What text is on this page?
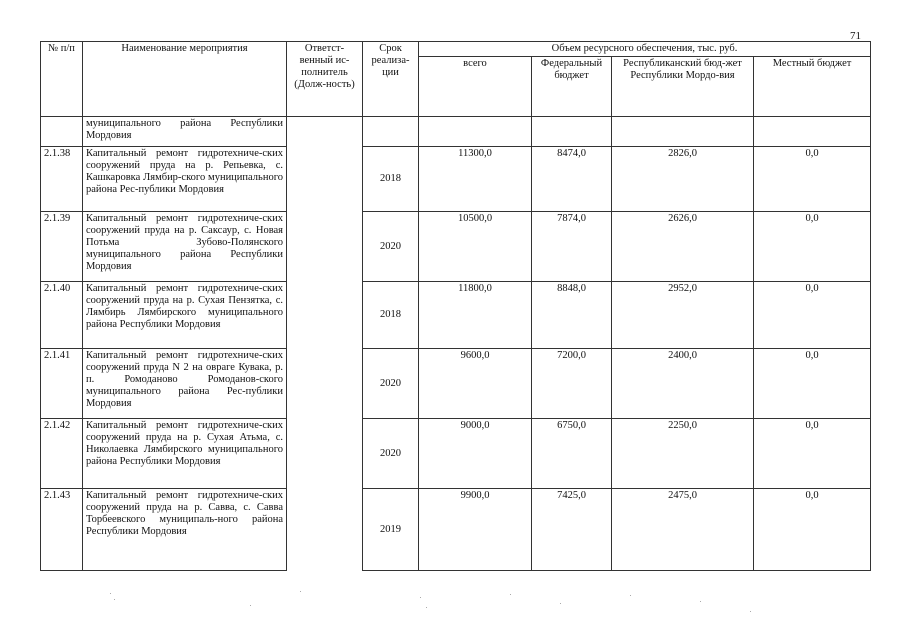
71
№ п/п	Наименование мероприятия	Ответст-венный ис-полнитель (Долж-ность)	Срок реализа-ции	Объем ресурсного обеспечения, тыс. руб.			
				всего	Федеральный бюджет	Республиканский бюд-жет Республики Мордо-вия	Местный бюджет
	муниципального района Республики Мордовия						
2.1.38	Капитальный ремонт гидротехниче-ских сооружений пруда на р. Репьевка, с. Кашкаровка Лямбир-ского муниципального района Рес-публики Мордовия		2018	11300,0	8474,0	2826,0	0,0
2.1.39	Капитальный ремонт гидротехниче-ских сооружений пруда на р. Саксаур, с. Новая Потьма Зубово-Полянского муниципального района Республики Мордовия		2020	10500,0	7874,0	2626,0	0,0
2.1.40	Капитальный ремонт гидротехниче-ских сооружений пруда на р. Сухая Пензятка, с. Лямбирь Лямбирского муниципального района Республики Мордовия		2018	11800,0	8848,0	2952,0	0,0
2.1.41	Капитальный ремонт гидротехниче-ских сооружений пруда N 2 на овраге Кувака, р. п. Ромоданово Ромоданов-ского муниципального района Рес-публики Мордовия		2020	9600,0	7200,0	2400,0	0,0
2.1.42	Капитальный ремонт гидротехниче-ских сооружений пруда на р. Сухая Атьма, с. Николаевка Лямбирского муниципального района Республики Мордовия		2020	9000,0	6750,0	2250,0	0,0
2.1.43	Капитальный ремонт гидротехниче-ских сооружений пруда на р. Савва, с. Савва Торбеевского муниципаль-ного района Республики Мордовия		2019	9900,0	7425,0	2475,0	0,0
